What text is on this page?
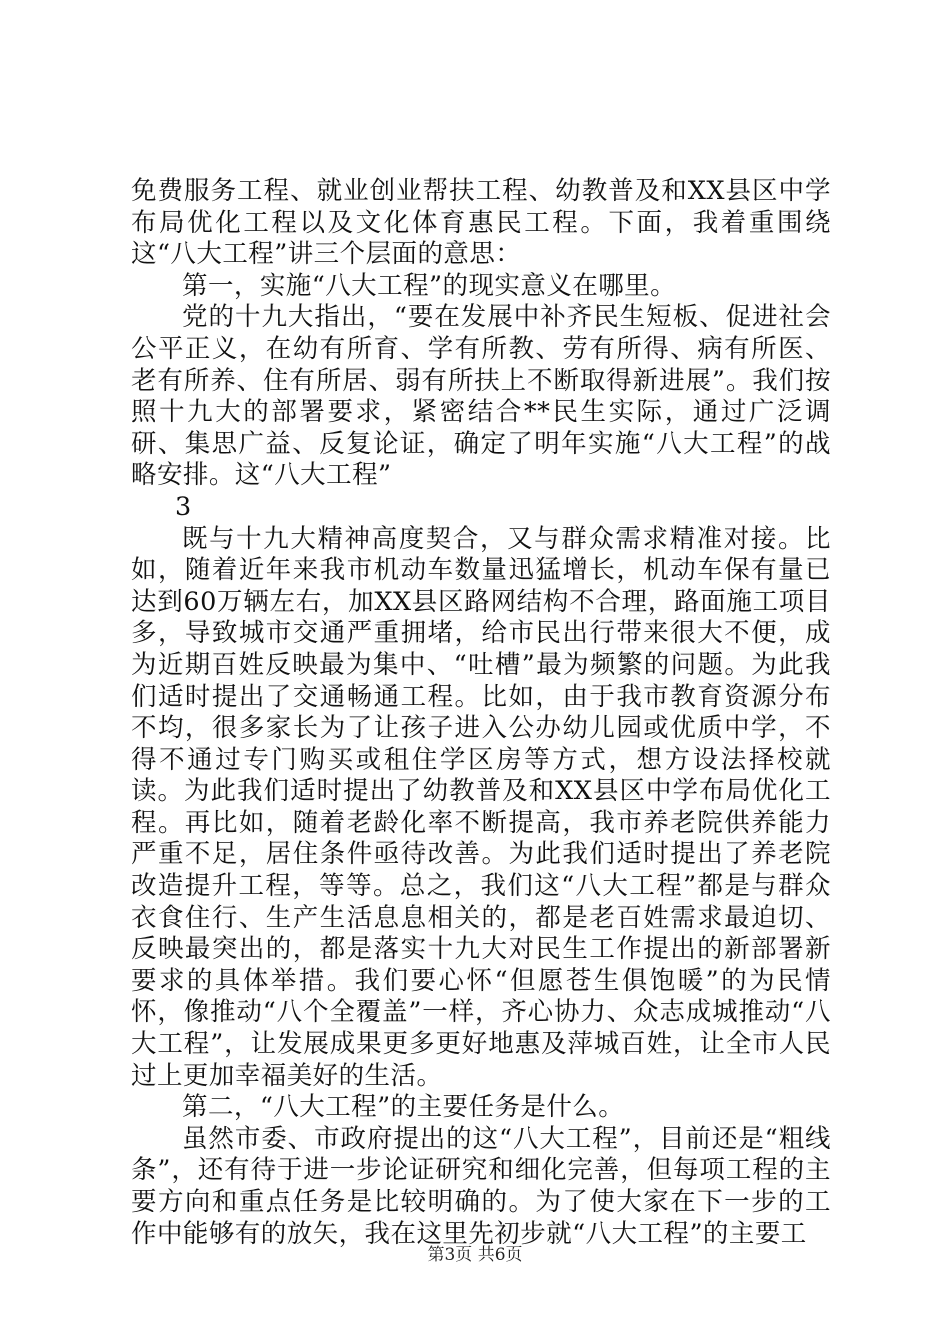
免费服务工程、就业创业帮扶工程、幼教普及和XX县区中学布局优化工程以及文化体育惠民工程。下面，我着重围绕这“八大工程”讲三个层面的意思：

第一，实施“八大工程”的现实意义在哪里。

党的十九大指出，“要在发展中补齐民生短板、促进社会公平正义，在幼有所育、学有所教、劳有所得、病有所医、老有所养、住有所居、弱有所扶上不断取得新进展”。我们按照十九大的部署要求，紧密结合**民生实际，通过广泛调研、集思广益、反复论证，确定了明年实施“八大工程”的战略安排。这“八大工程”

3

既与十九大精神高度契合，又与群众需求精准对接。比如，随着近年来我市机动车数量迅猛增长，机动车保有量已达到60万辆左右，加XX县区路网结构不合理，路面施工项目多，导致城市交通严重拥堵，给市民出行带来很大不便，成为近期百姓反映最为集中、“吐槽”最为频繁的问题。为此我们适时提出了交通畅通工程。比如，由于我市教育资源分布不均，很多家长为了让孩子进入公办幼儿园或优质中学，不得不通过专门购买或租住学区房等方式，想方设法择校就读。为此我们适时提出了幼教普及和XX县区中学布局优化工程。再比如，随着老龄化率不断提高，我市养老院供养能力严重不足，居住条件亟待改善。为此我们适时提出了养老院改造提升工程，等等。总之，我们这“八大工程”都是与群众衣食住行、生产生活息息相关的，都是老百姓需求最迫切、反映最突出的，都是落实十九大对民生工作提出的新部署新要求的具体举措。我们要心怀“但愿苍生俱饱暖”的为民情怀，像推动“八个全覆盖”一样，齐心协力、众志成城推动“八大工程”，让发展成果更多更好地惠及萍城百姓，让全市人民过上更加幸福美好的生活。

第二，“八大工程”的主要任务是什么。

虽然市委、市政府提出的这“八大工程”，目前还是“粗线条”，还有待于进一步论证研究和细化完善，但每项工程的主要方向和重点任务是比较明确的。为了使大家在下一步的工作中能够有的放矢，我在这里先初步就“八大工程”的主要工

第3页 共6页
